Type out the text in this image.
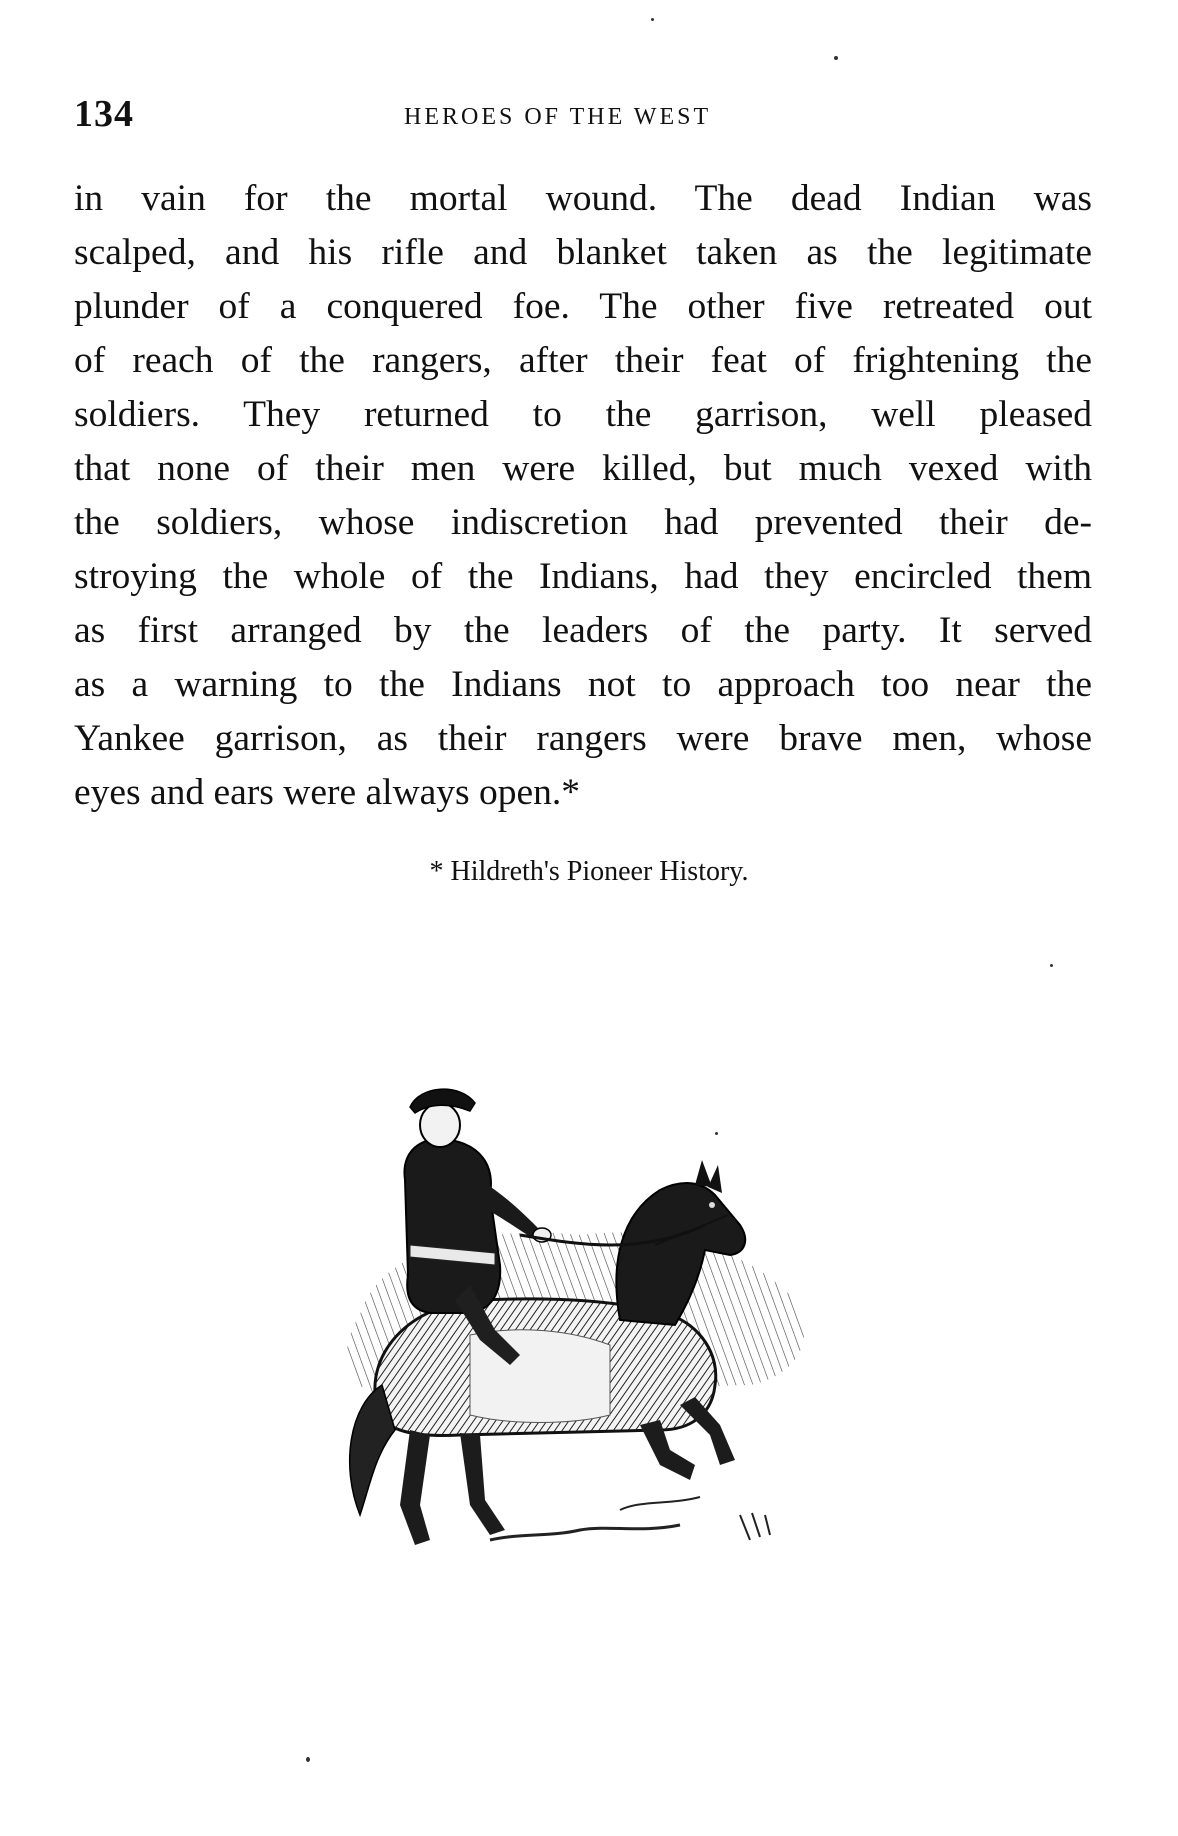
134	HEROES OF THE WEST
in vain for the mortal wound. The dead Indian was
scalped, and his rifle and blanket taken as the legitimate
plunder of a conquered foe. The other five retreated out
of reach of the rangers, after their feat of frightening the
soldiers. They returned to the garrison, well pleased
that none of their men were killed, but much vexed with
the soldiers, whose indiscretion had prevented their de-
stroying the whole of the Indians, had they encircled them
as first arranged by the leaders of the party. It served
as a warning to the Indians not to approach too near the
Yankee garrison, as their rangers were brave men, whose
eyes and ears were always open.*
* Hildreth's Pioneer History.
